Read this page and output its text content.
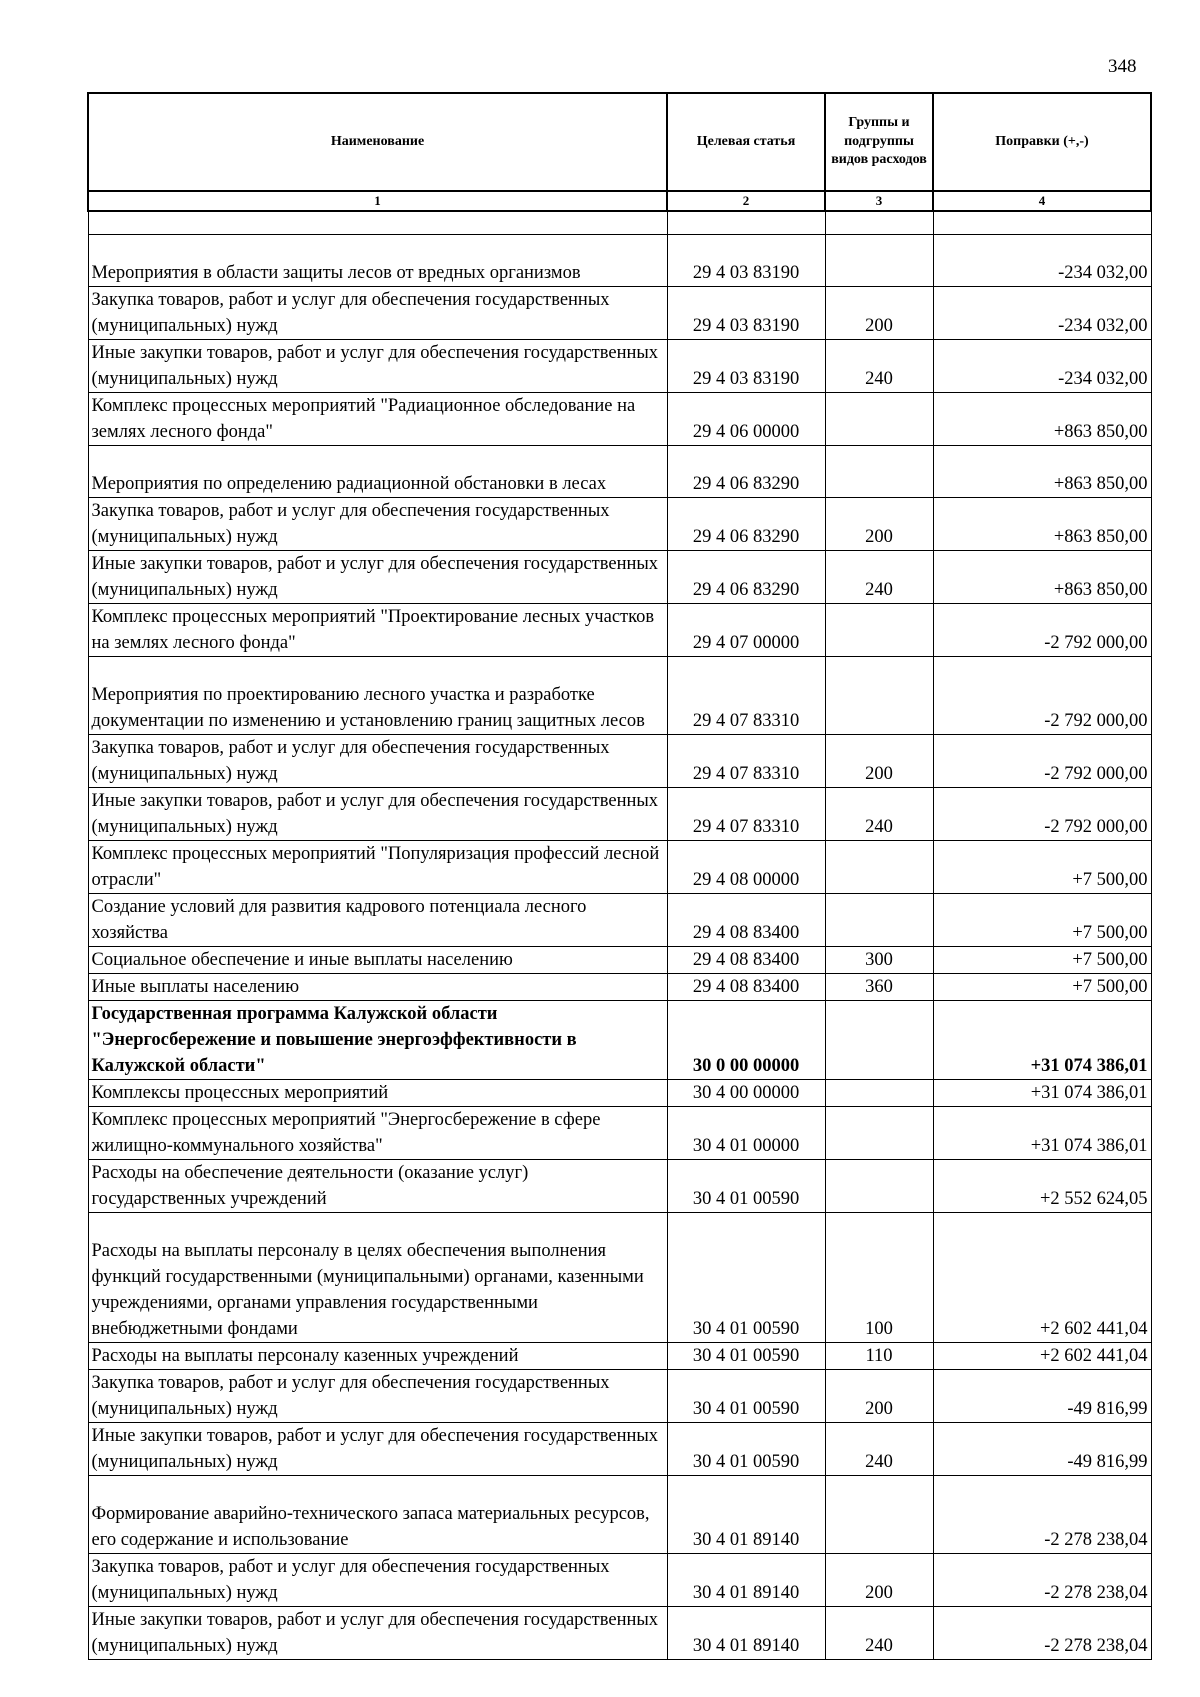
348
Наименование	Целевая статья	Группы и подгруппы видов расходов	Поправки (+,-)
1	2	3	4

Мероприятия в области защиты лесов от вредных организмов	29 4 03 83190		-234 032,00
Закупка товаров, работ и услуг для обеспечения государственных (муниципальных) нужд	29 4 03 83190	200	-234 032,00
Иные закупки товаров, работ и услуг для обеспечения государственных (муниципальных) нужд	29 4 03 83190	240	-234 032,00
Комплекс процессных мероприятий "Радиационное обследование на землях лесного фонда"	29 4 06 00000		+863 850,00
Мероприятия по определению радиационной обстановки в лесах	29 4 06 83290		+863 850,00
Закупка товаров, работ и услуг для обеспечения государственных (муниципальных) нужд	29 4 06 83290	200	+863 850,00
Иные закупки товаров, работ и услуг для обеспечения государственных (муниципальных) нужд	29 4 06 83290	240	+863 850,00
Комплекс процессных мероприятий "Проектирование лесных участков на землях лесного фонда"	29 4 07 00000		-2 792 000,00
Мероприятия по проектированию лесного участка и разработке документации по изменению и установлению границ защитных лесов	29 4 07 83310		-2 792 000,00
Закупка товаров, работ и услуг для обеспечения государственных (муниципальных) нужд	29 4 07 83310	200	-2 792 000,00
Иные закупки товаров, работ и услуг для обеспечения государственных (муниципальных) нужд	29 4 07 83310	240	-2 792 000,00
Комплекс процессных мероприятий "Популяризация профессий лесной отрасли"	29 4 08 00000		+7 500,00
Создание условий для развития кадрового потенциала лесного хозяйства	29 4 08 83400		+7 500,00
Социальное обеспечение и иные выплаты населению	29 4 08 83400	300	+7 500,00
Иные выплаты населению	29 4 08 83400	360	+7 500,00
Государственная программа Калужской области "Энергосбережение и повышение энергоэффективности в Калужской области"	30 0 00 00000		+31 074 386,01
Комплексы процессных мероприятий	30 4 00 00000		+31 074 386,01
Комплекс процессных мероприятий "Энергосбережение в сфере жилищно-коммунального хозяйства"	30 4 01 00000		+31 074 386,01
Расходы на обеспечение деятельности (оказание услуг) государственных учреждений	30 4 01 00590		+2 552 624,05
Расходы на выплаты персоналу в целях обеспечения выполнения функций государственными (муниципальными) органами, казенными учреждениями, органами управления государственными внебюджетными фондами	30 4 01 00590	100	+2 602 441,04
Расходы на выплаты персоналу казенных учреждений	30 4 01 00590	110	+2 602 441,04
Закупка товаров, работ и услуг для обеспечения государственных (муниципальных) нужд	30 4 01 00590	200	-49 816,99
Иные закупки товаров, работ и услуг для обеспечения государственных (муниципальных) нужд	30 4 01 00590	240	-49 816,99
Формирование аварийно-технического запаса материальных ресурсов, его содержание и использование	30 4 01 89140		-2 278 238,04
Закупка товаров, работ и услуг для обеспечения государственных (муниципальных) нужд	30 4 01 89140	200	-2 278 238,04
Иные закупки товаров, работ и услуг для обеспечения государственных (муниципальных) нужд	30 4 01 89140	240	-2 278 238,04
